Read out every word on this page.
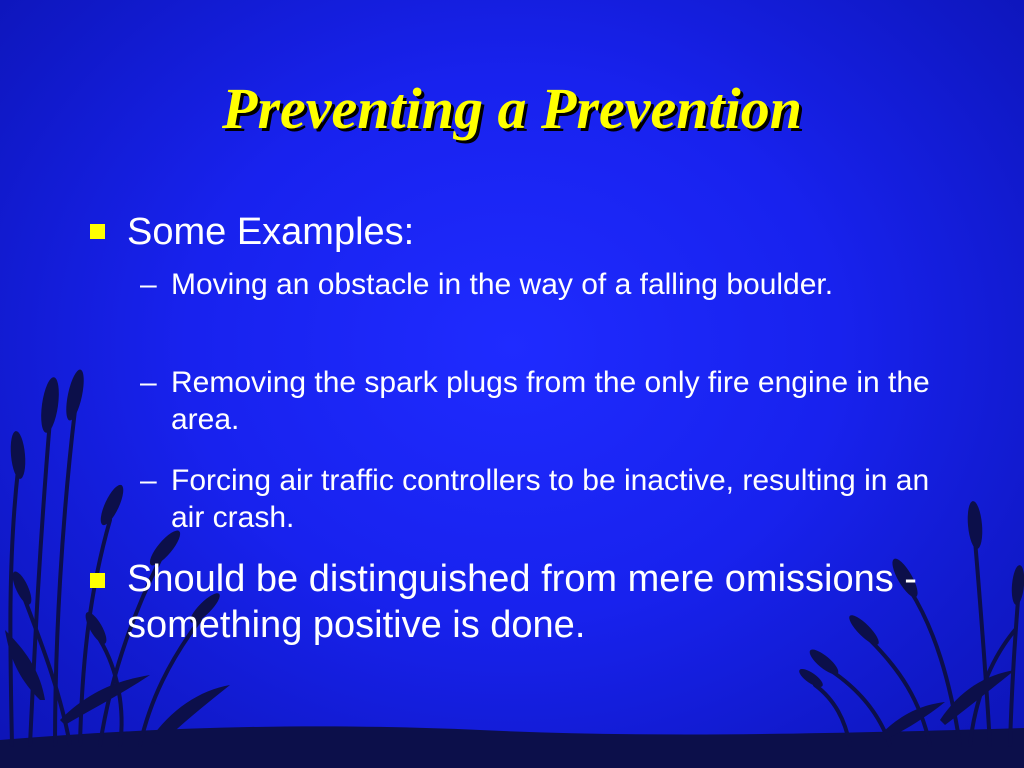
Preventing a Prevention
Some Examples:
– Moving an obstacle in the way of a falling boulder.
– Removing the spark plugs from the only fire engine in the area.
– Forcing air traffic controllers to be inactive, resulting in an air crash.
Should be distinguished from mere omissions - something positive is done.
